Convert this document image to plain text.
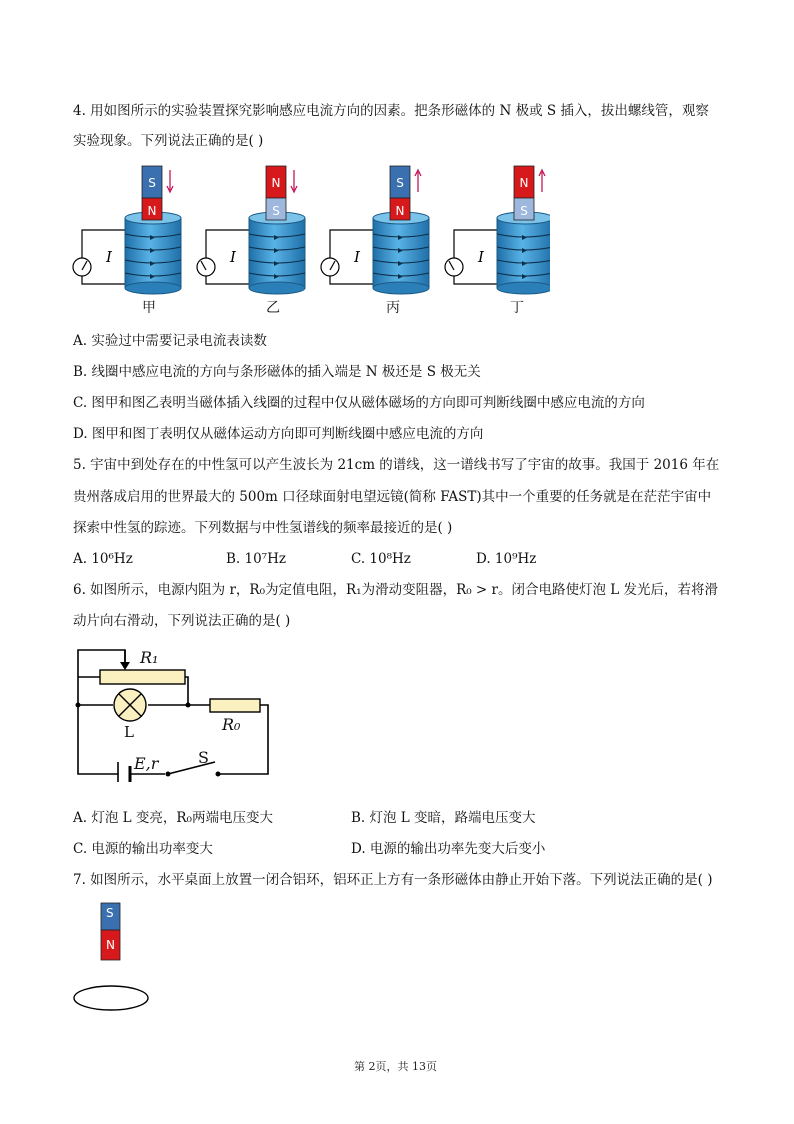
4. 用如图所示的实验装置探究影响感应电流方向的因素。把条形磁体的 N 极或 S 插入，拔出螺线管，观察
实验现象。下列说法正确的是( )
S
N
I
N
S
I
S
N
I
N
S
I
甲	乙	丙	丁
A. 实验过中需要记录电流表读数
B. 线圈中感应电流的方向与条形磁体的插入端是 N 极还是 S 极无关
C. 图甲和图乙表明当磁体插入线圈的过程中仅从磁体磁场的方向即可判断线圈中感应电流的方向
D. 图甲和图丁表明仅从磁体运动方向即可判断线圈中感应电流的方向
5. 宇宙中到处存在的中性氢可以产生波长为 21cm 的谱线，这一谱线书写了宇宙的故事。我国于 2016 年在
贵州落成启用的世界最大的 500m 口径球面射电望远镜(简称 FAST)其中一个重要的任务就是在茫茫宇宙中
探索中性氢的踪迹。下列数据与中性氢谱线的频率最接近的是( )
A. 10⁶Hz	B. 10⁷Hz	C. 10⁸Hz	D. 10⁹Hz
6. 如图所示，电源内阻为 r，R₀为定值电阻，R₁为滑动变阻器，R₀ > r。闭合电路使灯泡 L 发光后，若将滑
动片向右滑动，下列说法正确的是( )
R₁
L	R₀
E,r S
A. 灯泡 L 变亮，R₀两端电压变大	B. 灯泡 L 变暗，路端电压变大
C. 电源的输出功率变大	D. 电源的输出功率先变大后变小
7. 如图所示，水平桌面上放置一闭合铝环，铝环正上方有一条形磁体由静止开始下落。下列说法正确的是( )
S
N
第 2页，共 13页
